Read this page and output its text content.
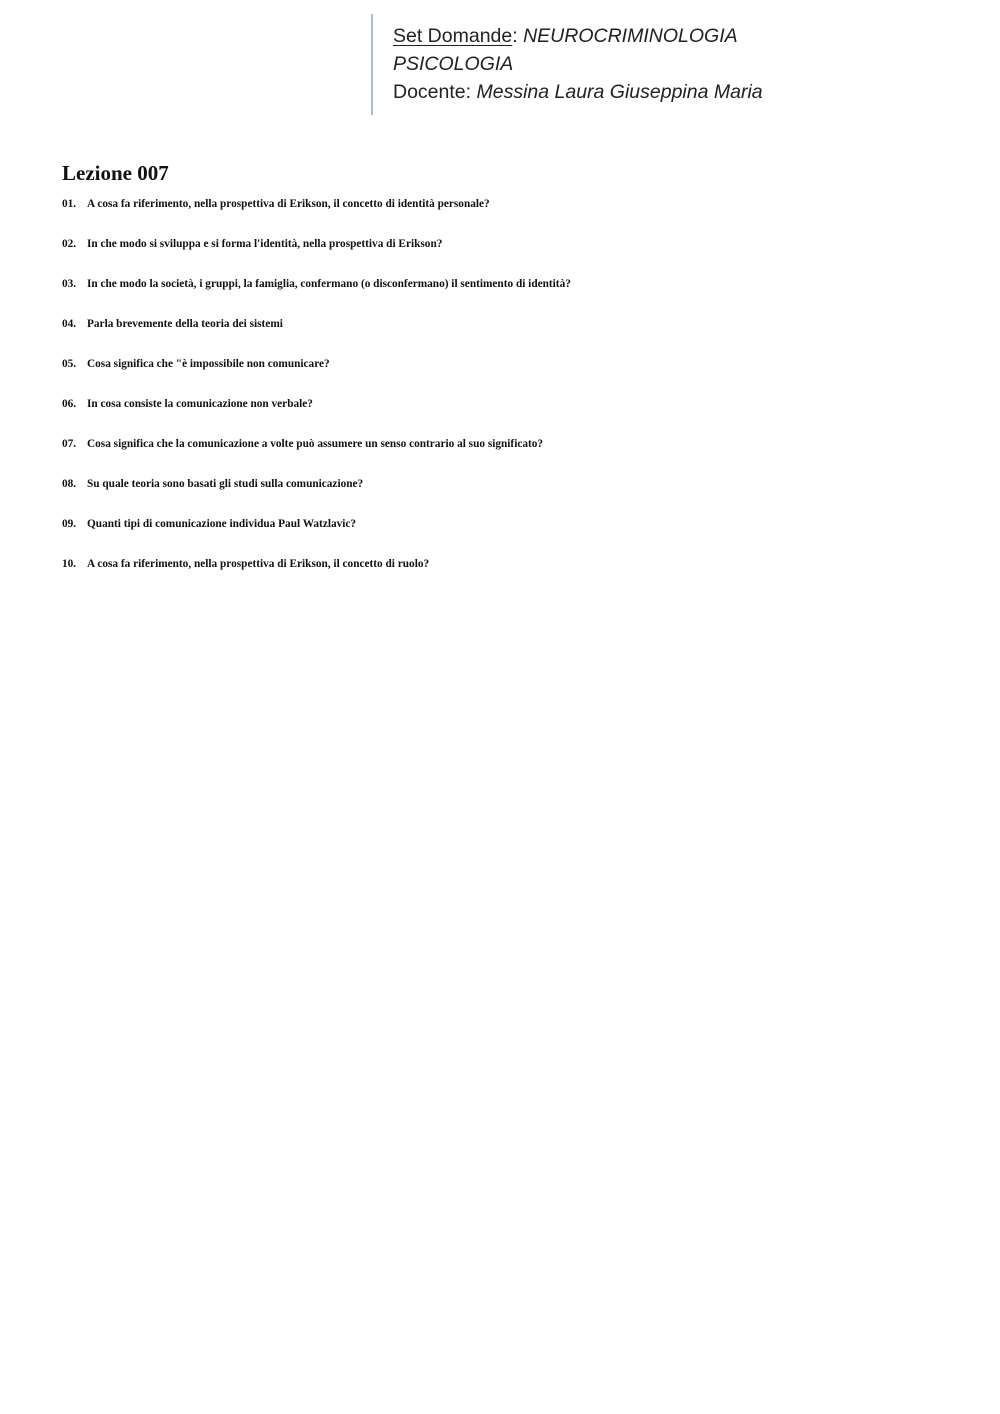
Set Domande: NEUROCRIMINOLOGIA
PSICOLOGIA
Docente: Messina Laura Giuseppina Maria
Lezione 007
01. A cosa fa riferimento, nella prospettiva di Erikson, il concetto di identità personale?
02. In che modo si sviluppa e si forma l'identità, nella prospettiva di Erikson?
03. In che modo la società, i gruppi, la famiglia, confermano (o disconfermano) il sentimento di identità?
04. Parla brevemente della teoria dei sistemi
05. Cosa significa che "è impossibile non comunicare?
06. In cosa consiste la comunicazione non verbale?
07. Cosa significa che la comunicazione a volte può assumere un senso contrario al suo significato?
08. Su quale teoria sono basati gli studi sulla comunicazione?
09. Quanti tipi di comunicazione individua Paul Watzlavic?
10. A cosa fa riferimento, nella prospettiva di Erikson, il concetto di ruolo?
